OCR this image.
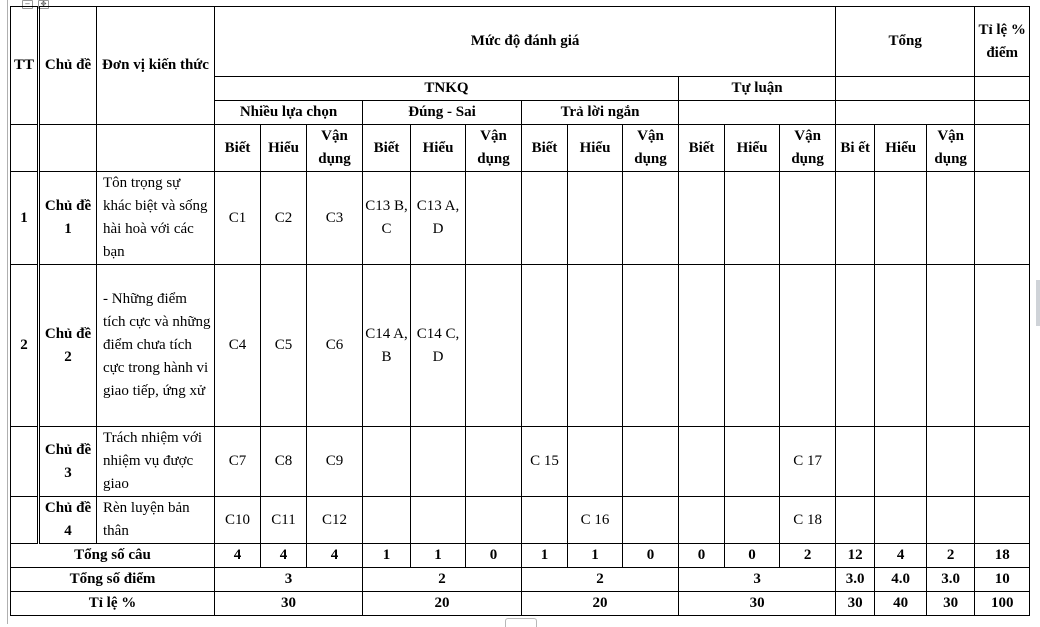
−	✥
TT	Chủ đề	Đơn vị kiến thức	Mức độ đánh giá												Tổng			Tỉ lệ % điểm
			TNKQ									Tự luận						
			Nhiều lựa chọn			Đúng - Sai			Trả lời ngắn									
			Biết	Hiểu	Vận dụng	Biết	Hiểu	Vận dụng	Biết	Hiểu	Vận dụng	Biết	Hiểu	Vận dụng	Bi ết	Hiểu	Vận dụng	
1	Chủ đề 1	Tôn trọng sự khác biệt và sống hài hoà với các bạn	C1	C2	C3	C13 B, C	C13 A, D											
2	Chủ đề 2	- Những điểm tích cực và những điểm chưa tích cực trong hành vi giao tiếp, ứng xử	C4	C5	C6	C14 A, B	C14 C, D											
	Chủ đề 3	Trách nhiệm với nhiệm vụ được giao	C7	C8	C9				C 15					C 17				
	Chủ đề 4	Rèn luyện bản thân	C10	C11	C12					C 16				C 18				
Tổng số câu			4	4	4	1	1	0	1	1	0	0	0	2	12	4	2	18
Tổng số điểm			3			2			2			3			3.0	4.0	3.0	10
Tỉ lệ %			30			20			20			30			30	40	30	100
